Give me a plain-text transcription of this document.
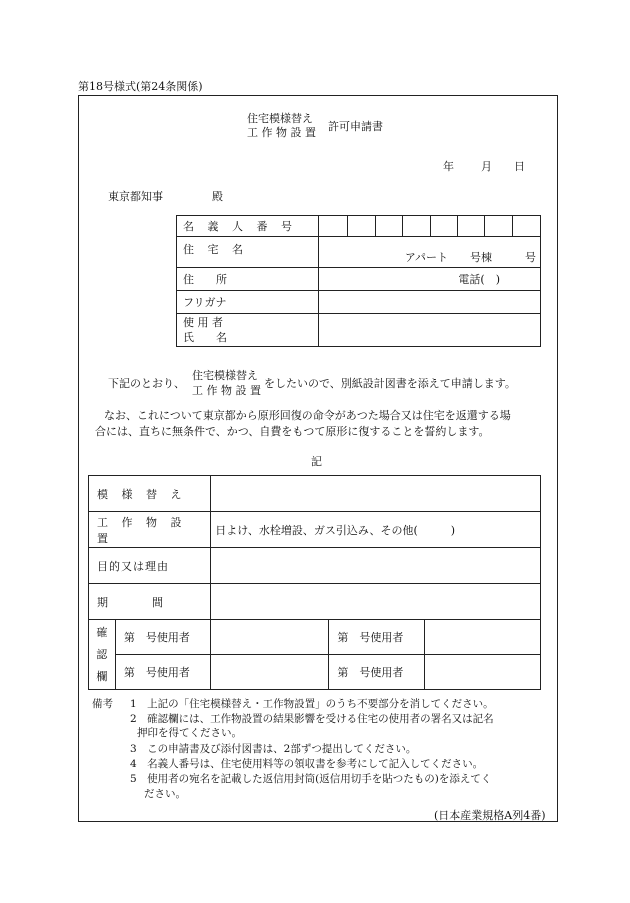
第18号様式(第24条関係)
住宅模様替え
工 作 物 設 置 許可申請書
年 月 日
東京都知事	殿
名 義 人 番 号								
住 宅 名	アパート　　号棟　　　号							
住　　所	電話(　)							
フリガナ								

使 用 者
氏　　名								

下記のとおり、
住宅模様替え
工 作 物 設 置
をしたいので、別紙設計図書を添えて申請します。
なお、これについて東京都から原形回復の命令があつた場合又は住宅を返還する場
合には、直ちに無条件で、かつ、自費をもつて原形に復することを誓約します。
記
模 様 替 え				
工 作 物 設 置		日よけ、水栓増設、ガス引込み、その他(　　　)		
目的又は理由				
期　　　　間				

確
認
欄	第　号使用者		第　号使用者	
	第　号使用者		第　号使用者	
備考 1　上記の「住宅模様替え・工作物設置」のうち不要部分を消してください。
2　確認欄には、工作物設置の結果影響を受ける住宅の使用者の署名又は記名
押印を得てください。
3　この申請書及び添付図書は、2部ずつ提出してください。
4　名義人番号は、住宅使用料等の領収書を参考にして記入してください。
5　使用者の宛名を記載した返信用封筒(返信用切手を貼つたもの)を添えてく
ださい。
(日本産業規格A列4番)
